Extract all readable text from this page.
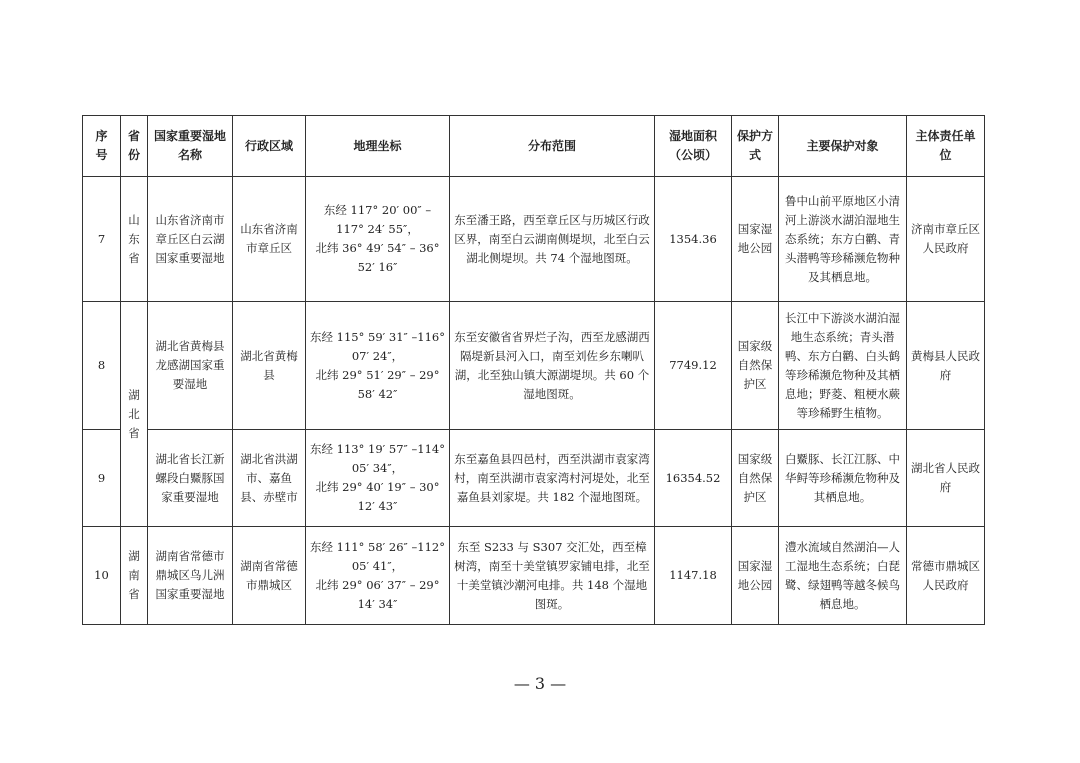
序号	省份	国家重要湿地名称	行政区域	地理坐标	分布范围	湿地面积（公顷）	保护方式	主要保护对象	主体责任单位
7	山东省	山东省济南市章丘区白云湖国家重要湿地	山东省济南市章丘区	东经 117° 20′ 00″ – 117° 24′ 55″，
北纬 36° 49′ 54″ – 36° 52′ 16″	东至潘王路，西至章丘区与历城区行政区界，南至白云湖南侧堤坝，北至白云湖北侧堤坝。共 74 个湿地图斑。	1354.36	国家湿地公园	鲁中山前平原地区小清河上游淡水湖泊湿地生态系统；东方白鹳、青头潜鸭等珍稀濒危物种及其栖息地。	济南市章丘区人民政府
8	湖北省	湖北省黄梅县龙感湖国家重要湿地	湖北省黄梅县	东经 115° 59′ 31″ –116° 07′ 24″，
北纬 29° 51′ 29″ – 29° 58′ 42″	东至安徽省省界烂子沟，西至龙感湖西隔堤新县河入口，南至刘佐乡东喇叭湖，北至独山镇大源湖堤坝。共 60 个湿地图斑。	7749.12	国家级自然保护区	长江中下游淡水湖泊湿地生态系统；青头潜鸭、东方白鹳、白头鹤等珍稀濒危物种及其栖息地；野菱、粗梗水蕨等珍稀野生植物。	黄梅县人民政府
9		湖北省长江新螺段白鱀豚国家重要湿地	湖北省洪湖市、嘉鱼县、赤壁市	东经 113° 19′ 57″ –114° 05′ 34″，
北纬 29° 40′ 19″ – 30° 12′ 43″	东至嘉鱼县四邑村，西至洪湖市袁家湾村，南至洪湖市袁家湾村河堤处，北至嘉鱼县刘家堤。共 182 个湿地图斑。	16354.52	国家级自然保护区	白鱀豚、长江江豚、中华鲟等珍稀濒危物种及其栖息地。	湖北省人民政府
10	湖南省	湖南省常德市鼎城区鸟儿洲国家重要湿地	湖南省常德市鼎城区	东经 111° 58′ 26″ –112° 05′ 41″，
北纬 29° 06′ 37″ – 29° 14′ 34″	东至 S233 与 S307 交汇处，西至樟树湾，南至十美堂镇罗家铺电排，北至十美堂镇沙潮河电排。共 148 个湿地图斑。	1147.18	国家湿地公园	澧水流域自然湖泊—人工湿地生态系统；白琵鹭、绿翅鸭等越冬候鸟栖息地。	常德市鼎城区人民政府
— 3 —
